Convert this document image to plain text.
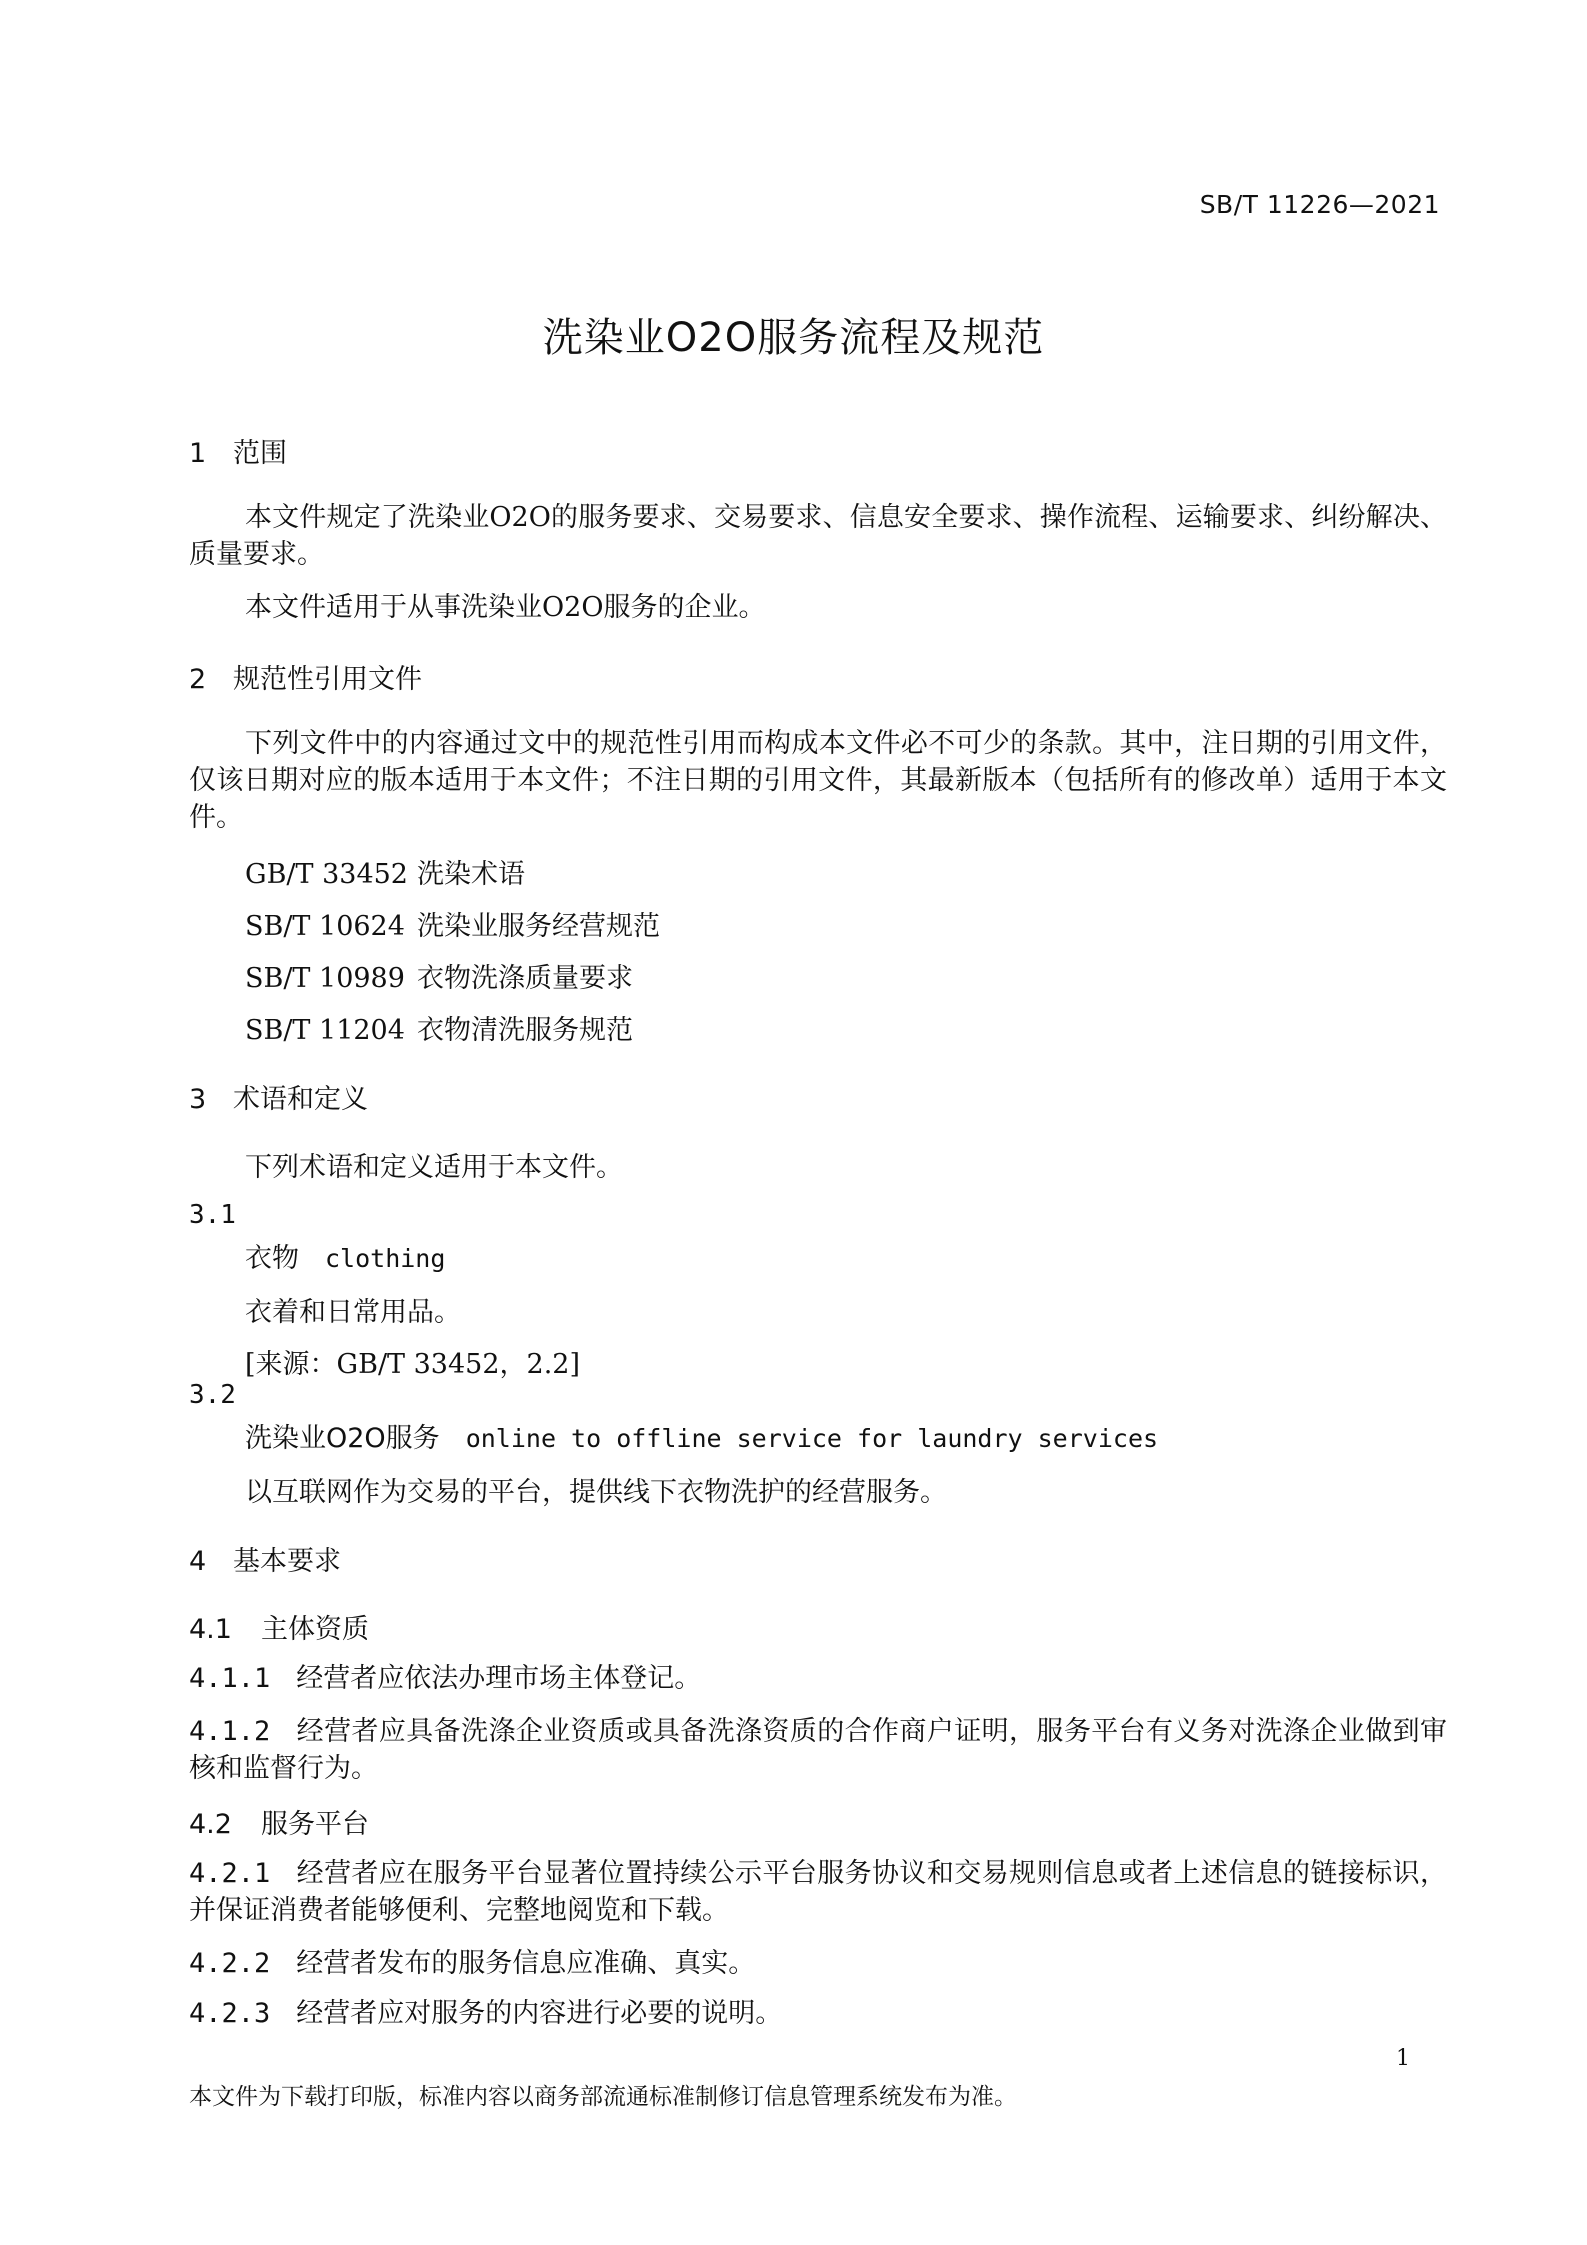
SB/T 11226—2021
洗染业O2O服务流程及规范
1 范围
本文件规定了洗染业O2O的服务要求、交易要求、信息安全要求、操作流程、运输要求、纠纷解决、质量要求。
本文件适用于从事洗染业O2O服务的企业。
2 规范性引用文件
下列文件中的内容通过文中的规范性引用而构成本文件必不可少的条款。其中，注日期的引用文件，仅该日期对应的版本适用于本文件；不注日期的引用文件，其最新版本（包括所有的修改单）适用于本文件。
GB/T 33452 洗染术语
SB/T 10624 洗染业服务经营规范
SB/T 10989 衣物洗涤质量要求
SB/T 11204 衣物清洗服务规范
3 术语和定义
下列术语和定义适用于本文件。
3.1
衣物 clothing
衣着和日常用品。
[来源：GB/T 33452，2.2]
3.2
洗染业O2O服务 online to offline service for laundry services
以互联网作为交易的平台，提供线下衣物洗护的经营服务。
4 基本要求
4.1 主体资质
4.1.1 经营者应依法办理市场主体登记。
4.1.2 经营者应具备洗涤企业资质或具备洗涤资质的合作商户证明，服务平台有义务对洗涤企业做到审核和监督行为。
4.2 服务平台
4.2.1 经营者应在服务平台显著位置持续公示平台服务协议和交易规则信息或者上述信息的链接标识，并保证消费者能够便利、完整地阅览和下载。
4.2.2 经营者发布的服务信息应准确、真实。
4.2.3 经营者应对服务的内容进行必要的说明。
1
本文件为下载打印版，标准内容以商务部流通标准制修订信息管理系统发布为准。
